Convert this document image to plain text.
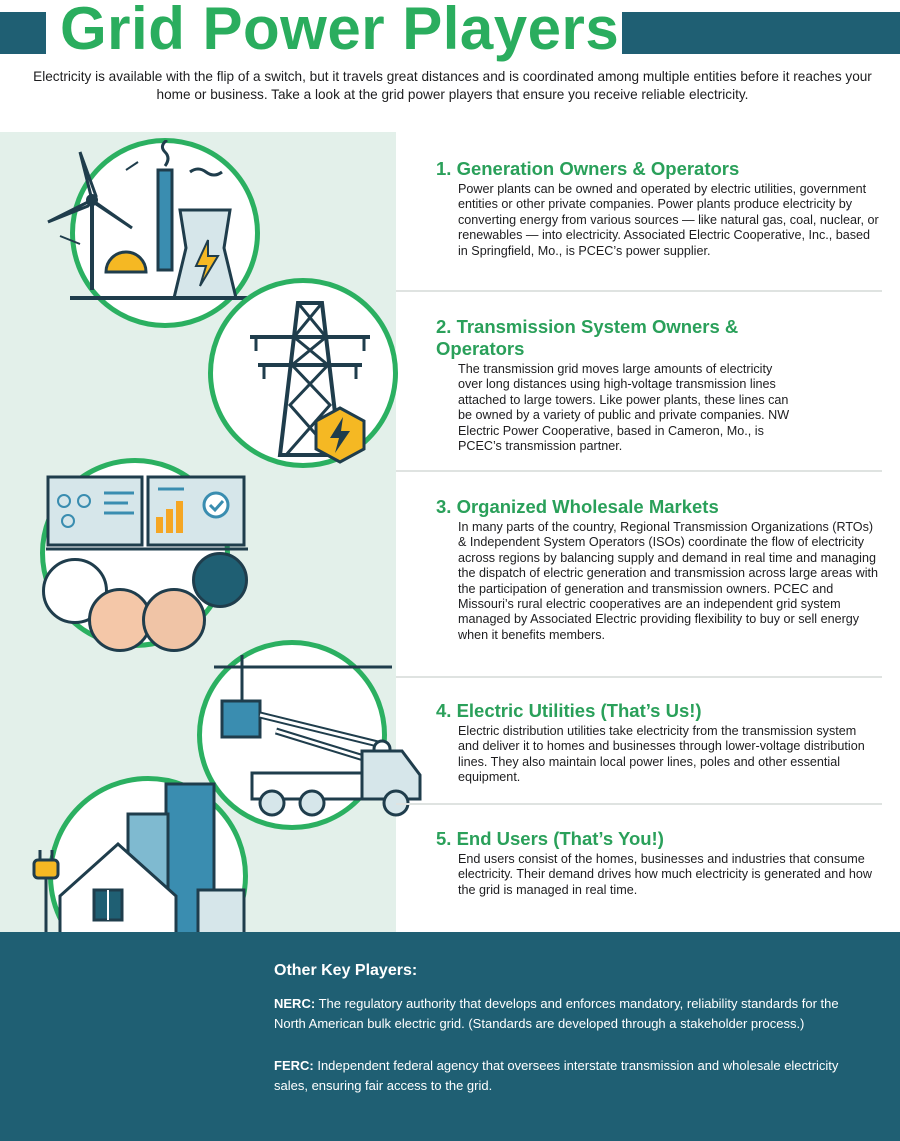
Grid Power Players

Electricity is available with the flip of a switch, but it travels great distances and is coordinated among multiple entities before it reaches your home or business. Take a look at the grid power players that ensure you receive reliable electricity.

1. Generation Owners & Operators

Power plants can be owned and operated by electric utilities, government entities or other private companies. Power plants produce electricity by converting energy from various sources — like natural gas, coal, nuclear, or renewables — into electricity. Associated Electric Cooperative, Inc., based in Springfield, Mo., is PCEC’s power supplier.

2. Transmission System Owners & Operators

The transmission grid moves large amounts of electricity over long distances using high-voltage transmission lines attached to large towers. Like power plants, these lines can be owned by a variety of public and private companies. NW Electric Power Cooperative, based in Cameron, Mo., is PCEC’s transmission partner.

3. Organized Wholesale Markets

In many parts of the country, Regional Transmission Organizations (RTOs) & Independent System Operators (ISOs) coordinate the flow of electricity across regions by balancing supply and demand in real time and managing the dispatch of electric generation and transmission across large areas with the participation of generation and transmission owners. PCEC and Missouri’s rural electric cooperatives are an independent grid system managed by Associated Electric providing flexibility to buy or sell energy when it benefits members.

4. Electric Utilities (That’s Us!)

Electric distribution utilities take electricity from the transmission system and deliver it to homes and businesses through lower-voltage distribution lines. They also maintain local power lines, poles and other essential equipment.

5. End Users (That’s You!)

End users consist of the homes, businesses and industries that consume electricity. Their demand drives how much electricity is generated and how the grid is managed in real time.

Other Key Players:

NERC: The regulatory authority that develops and enforces mandatory, reliability standards for the North American bulk electric grid. (Standards are developed through a stakeholder process.)

FERC: Independent federal agency that oversees interstate transmission and wholesale electricity sales, ensuring fair access to the grid.
